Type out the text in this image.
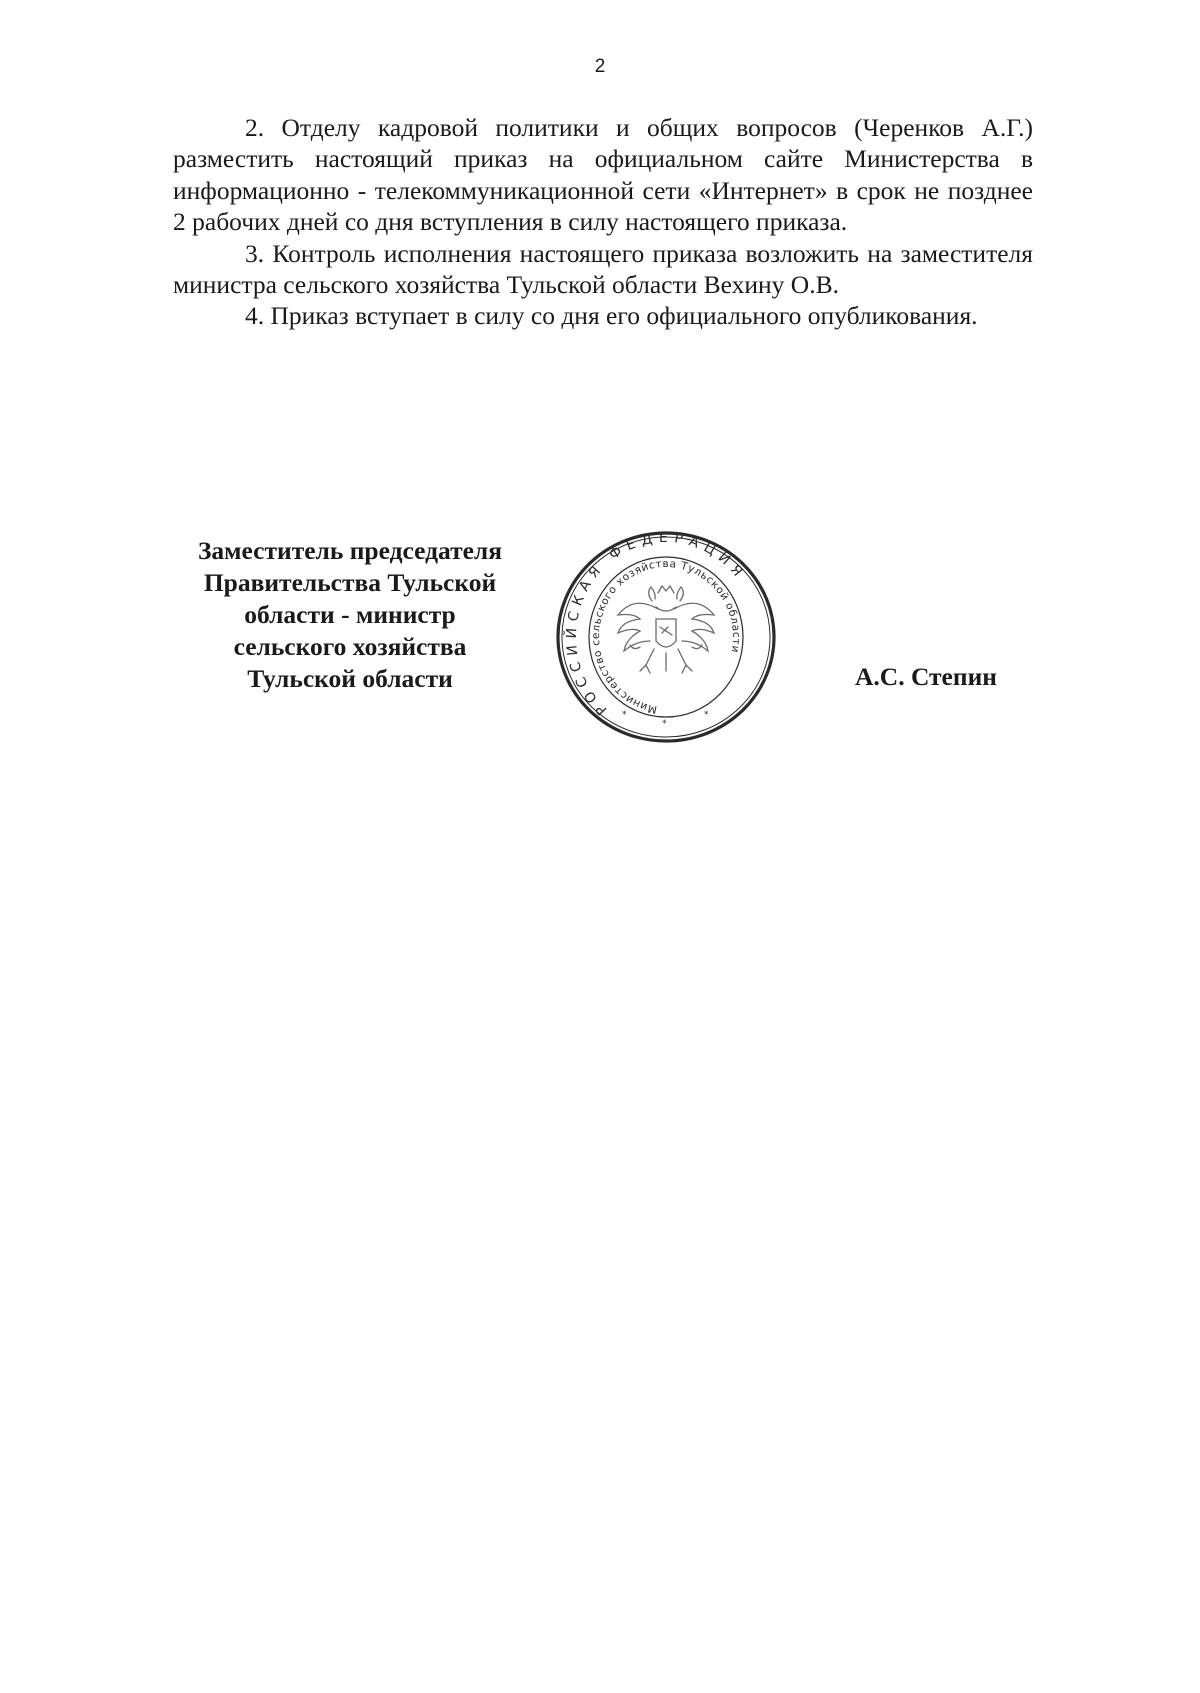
2

2. Отделу кадровой политики и общих вопросов (Черенков А.Г.) разместить настоящий приказ на официальном сайте Министерства в информационно - телекоммуникационной сети «Интернет» в срок не позднее 2 рабочих дней со дня вступления в силу настоящего приказа.

3. Контроль исполнения настоящего приказа возложить на заместителя министра сельского хозяйства Тульской области Вехину О.В.

4. Приказ вступает в силу со дня его официального опубликования.

Заместитель председателя
Правительства Тульской
области - министр
сельского хозяйства
Тульской области
РОССИЙСКАЯ ФЕДЕРАЦИЯ
Министерство сельского хозяйства Тульской области
*
*
*
А.С. Степин
